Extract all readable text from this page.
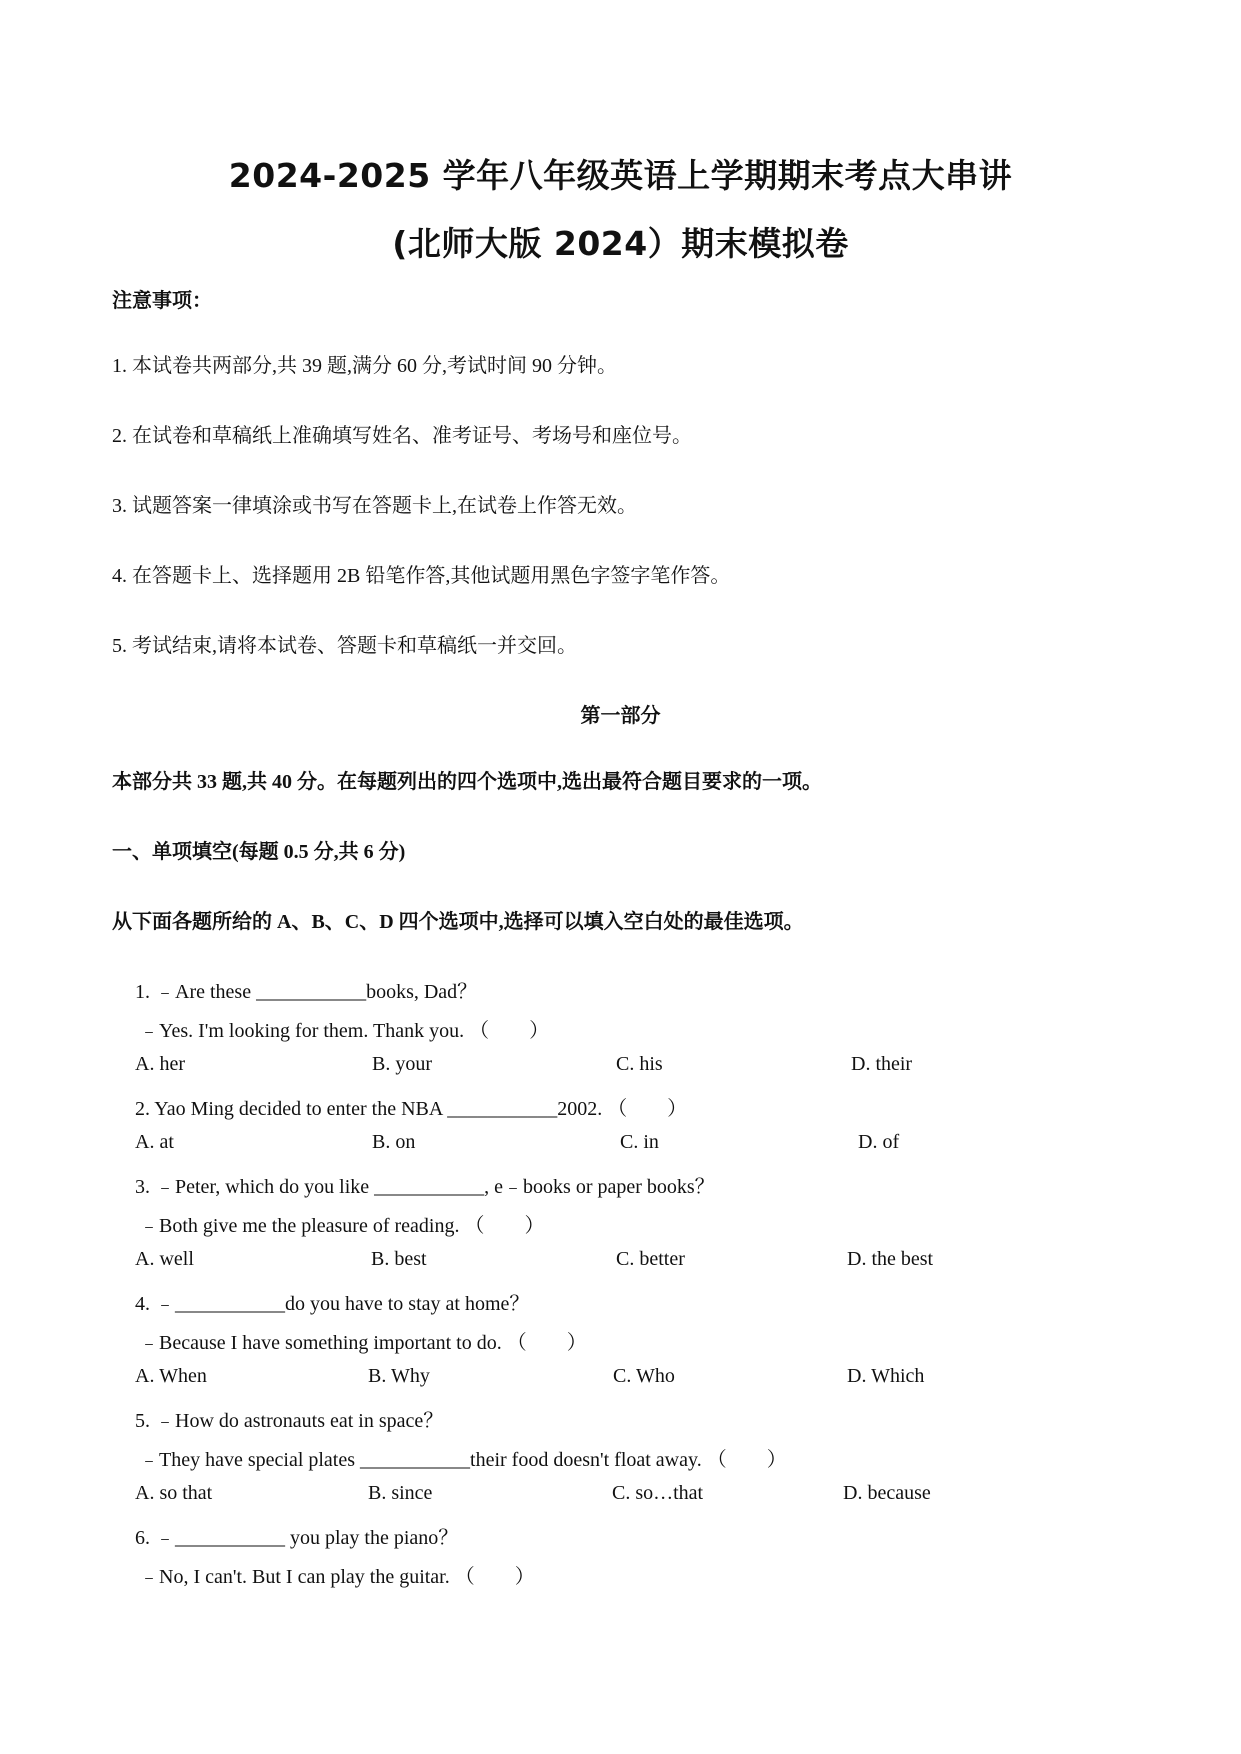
2024-2025 学年八年级英语上学期期末考点大串讲
(北师大版 2024）期末模拟卷
注意事项：
1. 本试卷共两部分,共 39 题,满分 60 分,考试时间 90 分钟。
2. 在试卷和草稿纸上准确填写姓名、准考证号、考场号和座位号。
3. 试题答案一律填涂或书写在答题卡上,在试卷上作答无效。
4. 在答题卡上、选择题用 2B 铅笔作答,其他试题用黑色字签字笔作答。
5. 考试结束,请将本试卷、答题卡和草稿纸一并交回。
第一部分
本部分共 33 题,共 40 分。在每题列出的四个选项中,选出最符合题目要求的一项。
一、单项填空(每题 0.5 分,共 6 分)
从下面各题所给的 A、B、C、D 四个选项中,选择可以填入空白处的最佳选项。
1. ﹣Are these ___________books, Dad？
﹣Yes. I'm looking for them. Thank you. （　　）
A. her	B. your	C. his	D. their
2. Yao Ming decided to enter the NBA ___________2002. （　　）
A. at	B. on	C. in	D. of
3. ﹣Peter, which do you like ___________, e﹣books or paper books？
﹣Both give me the pleasure of reading. （　　）
A. well	B. best	C. better	D. the best
4. ﹣___________do you have to stay at home？
﹣Because I have something important to do. （　　）
A. When	B. Why	C. Who	D. Which
5. ﹣How do astronauts eat in space？
﹣They have special plates ___________their food doesn't float away. （　　）
A. so that	B. since	C. so…that	D. because
6. ﹣___________ you play the piano？
﹣No, I can't. But I can play the guitar. （　　）
